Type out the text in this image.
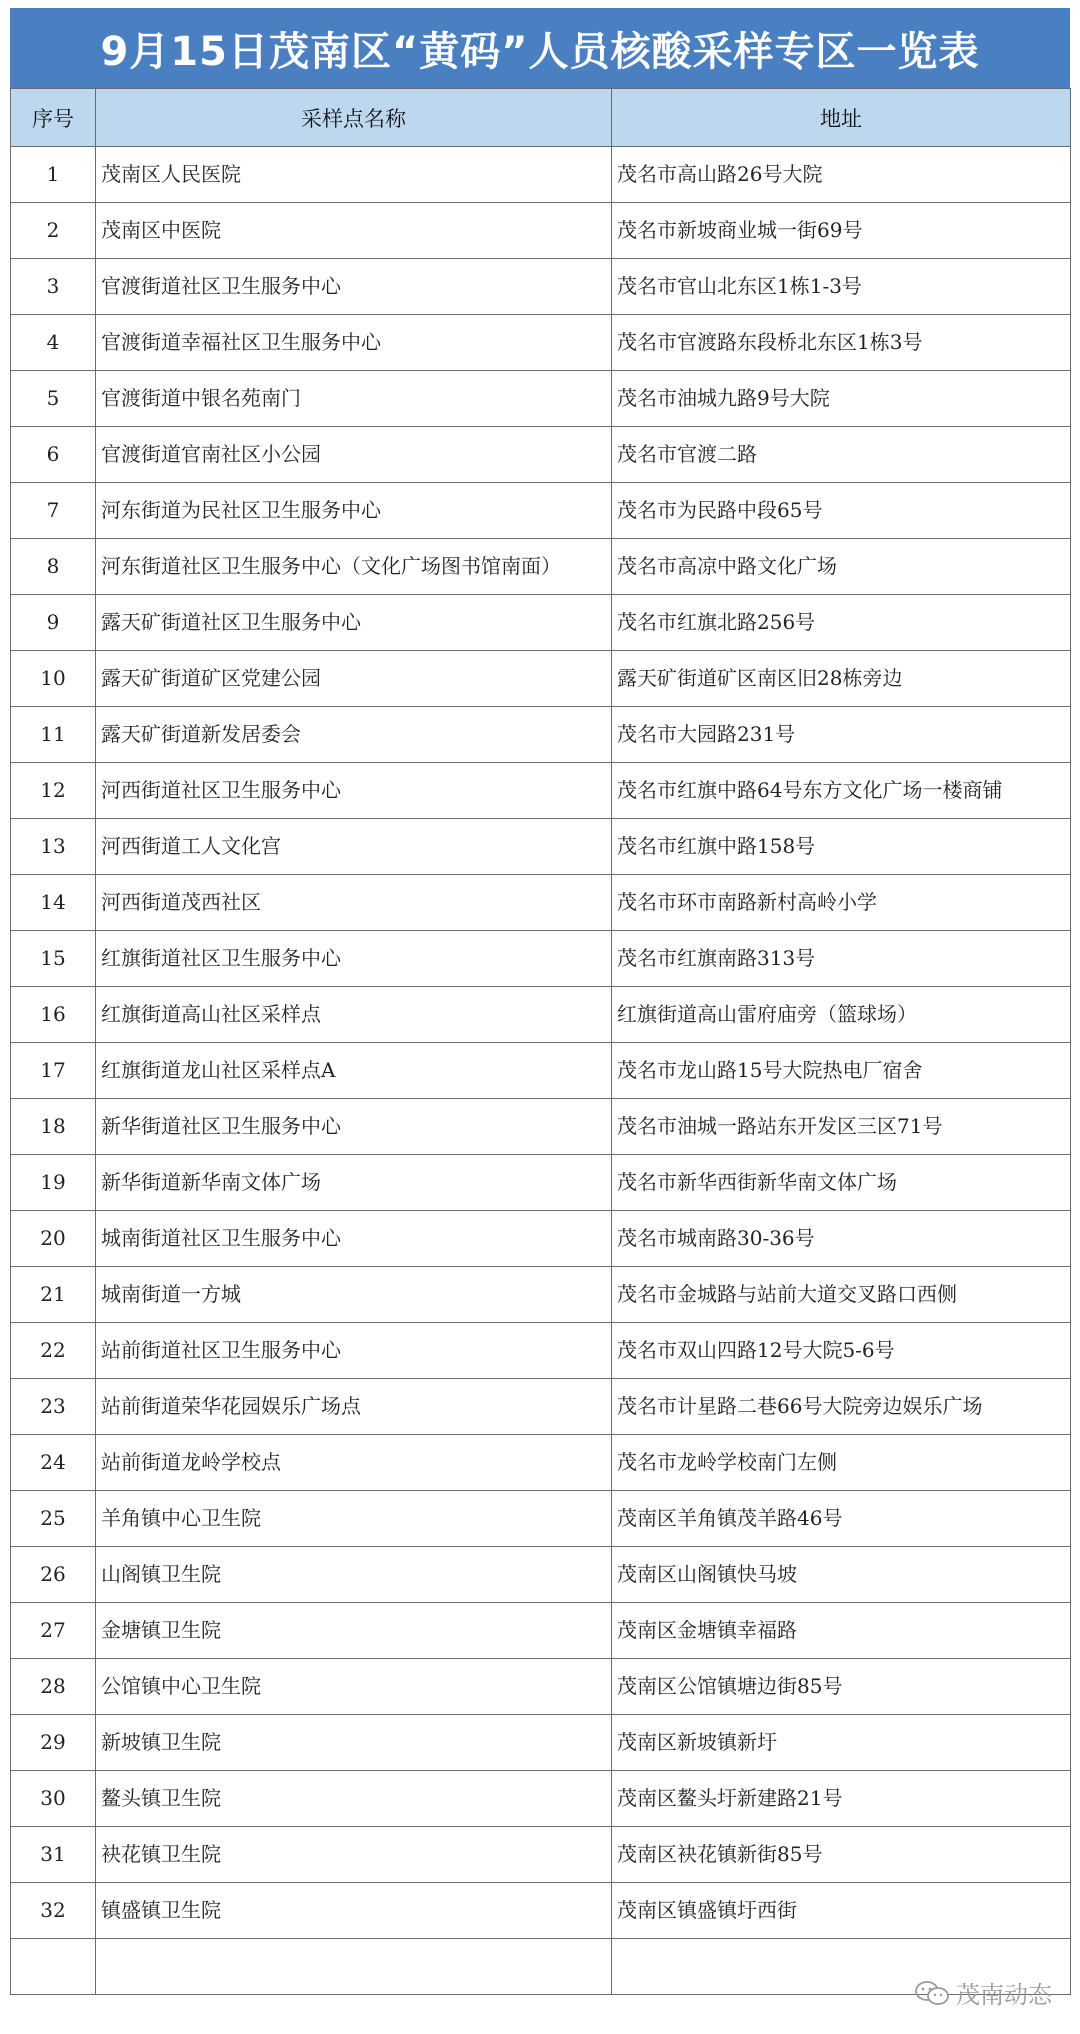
9月15日茂南区“黄码”人员核酸采样专区一览表
序号	采样点名称	地址
1	茂南区人民医院	茂名市高山路26号大院
2	茂南区中医院	茂名市新坡商业城一街69号
3	官渡街道社区卫生服务中心	茂名市官山北东区1栋1-3号
4	官渡街道幸福社区卫生服务中心	茂名市官渡路东段桥北东区1栋3号
5	官渡街道中银名苑南门	茂名市油城九路9号大院
6	官渡街道官南社区小公园	茂名市官渡二路
7	河东街道为民社区卫生服务中心	茂名市为民路中段65号
8	河东街道社区卫生服务中心（文化广场图书馆南面）	茂名市高凉中路文化广场
9	露天矿街道社区卫生服务中心	茂名市红旗北路256号
10	露天矿街道矿区党建公园	露天矿街道矿区南区旧28栋旁边
11	露天矿街道新发居委会	茂名市大园路231号
12	河西街道社区卫生服务中心	茂名市红旗中路64号东方文化广场一楼商铺
13	河西街道工人文化宫	茂名市红旗中路158号
14	河西街道茂西社区	茂名市环市南路新村高岭小学
15	红旗街道社区卫生服务中心	茂名市红旗南路313号
16	红旗街道高山社区采样点	红旗街道高山雷府庙旁（篮球场）
17	红旗街道龙山社区采样点A	茂名市龙山路15号大院热电厂宿舍
18	新华街道社区卫生服务中心	茂名市油城一路站东开发区三区71号
19	新华街道新华南文体广场	茂名市新华西街新华南文体广场
20	城南街道社区卫生服务中心	茂名市城南路30-36号
21	城南街道一方城	茂名市金城路与站前大道交叉路口西侧
22	站前街道社区卫生服务中心	茂名市双山四路12号大院5-6号
23	站前街道荣华花园娱乐广场点	茂名市计星路二巷66号大院旁边娱乐广场
24	站前街道龙岭学校点	茂名市龙岭学校南门左侧
25	羊角镇中心卫生院	茂南区羊角镇茂羊路46号
26	山阁镇卫生院	茂南区山阁镇快马坡
27	金塘镇卫生院	茂南区金塘镇幸福路
28	公馆镇中心卫生院	茂南区公馆镇塘边街85号
29	新坡镇卫生院	茂南区新坡镇新圩
30	鳌头镇卫生院	茂南区鳌头圩新建路21号
31	袂花镇卫生院	茂南区袂花镇新街85号
32	镇盛镇卫生院	茂南区镇盛镇圩西街

茂南动态
